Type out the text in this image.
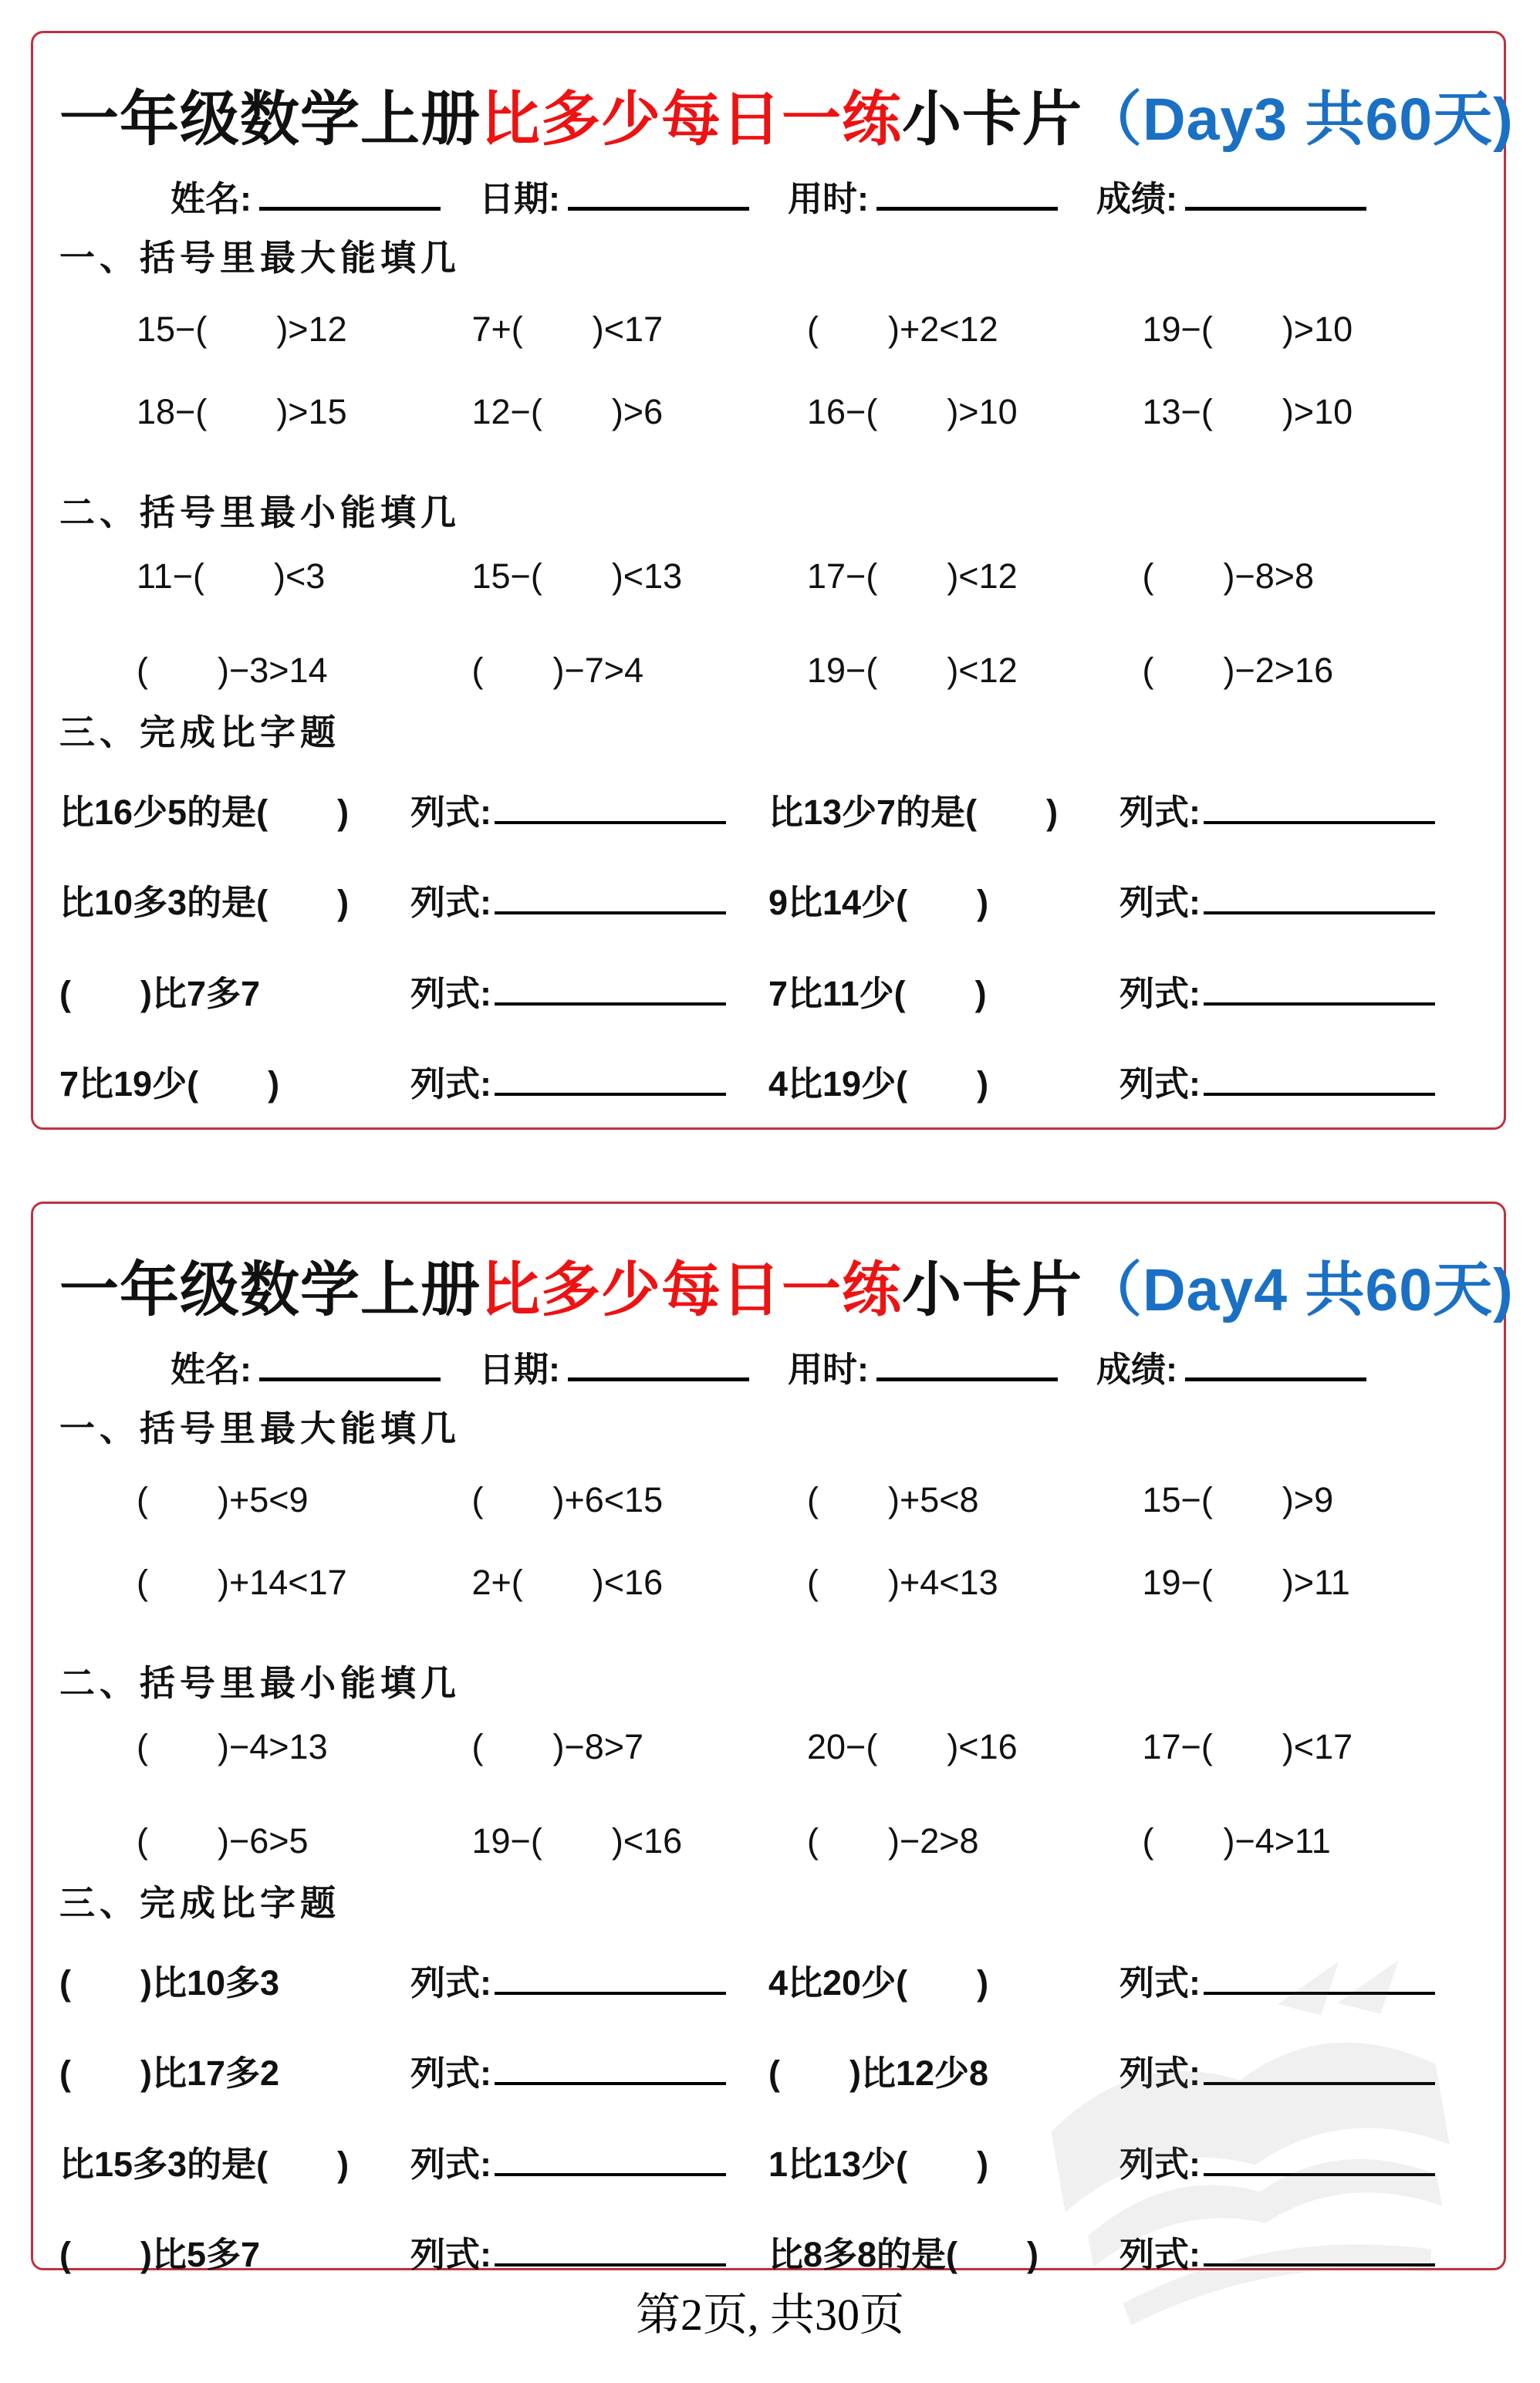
一年级数学上册比多少每日一练小卡片（Day3 共60天)
姓名:	日期:	用时:	成绩:
一、括号里最大能填几
15−(　　)>12	7+(　　)<17	(　　)+2<12	19−(　　)>10
18−(　　)>15	12−(　　)>6	16−(　　)>10	13−(　　)>10
二、括号里最小能填几
11−(　　)<3	15−(　　)<13	17−(　　)<12	(　　)−8>8
(　　)−3>14	(　　)−7>4	19−(　　)<12	(　　)−2>16
三、完成比字题
比16少5的是(　　)	列式:	比13少7的是(　　)	列式:
比10多3的是(　　)	列式:	9比14少(　　)	列式:
(　　)比7多7	列式:	7比11少(　　)	列式:
7比19少(　　)	列式:	4比19少(　　)	列式:
一年级数学上册比多少每日一练小卡片（Day4 共60天)
姓名:	日期:	用时:	成绩:
一、括号里最大能填几
(　　)+5<9	(　　)+6<15	(　　)+5<8	15−(　　)>9
(　　)+14<17	2+(　　)<16	(　　)+4<13	19−(　　)>11
二、括号里最小能填几
(　　)−4>13	(　　)−8>7	20−(　　)<16	17−(　　)<17
(　　)−6>5	19−(　　)<16	(　　)−2>8	(　　)−4>11
三、完成比字题
(　　)比10多3	列式:	4比20少(　　)	列式:
(　　)比17多2	列式:	(　　)比12少8	列式:
比15多3的是(　　)	列式:	1比13少(　　)	列式:
(　　)比5多7	列式:	比8多8的是(　　)	列式:
第2页, 共30页
